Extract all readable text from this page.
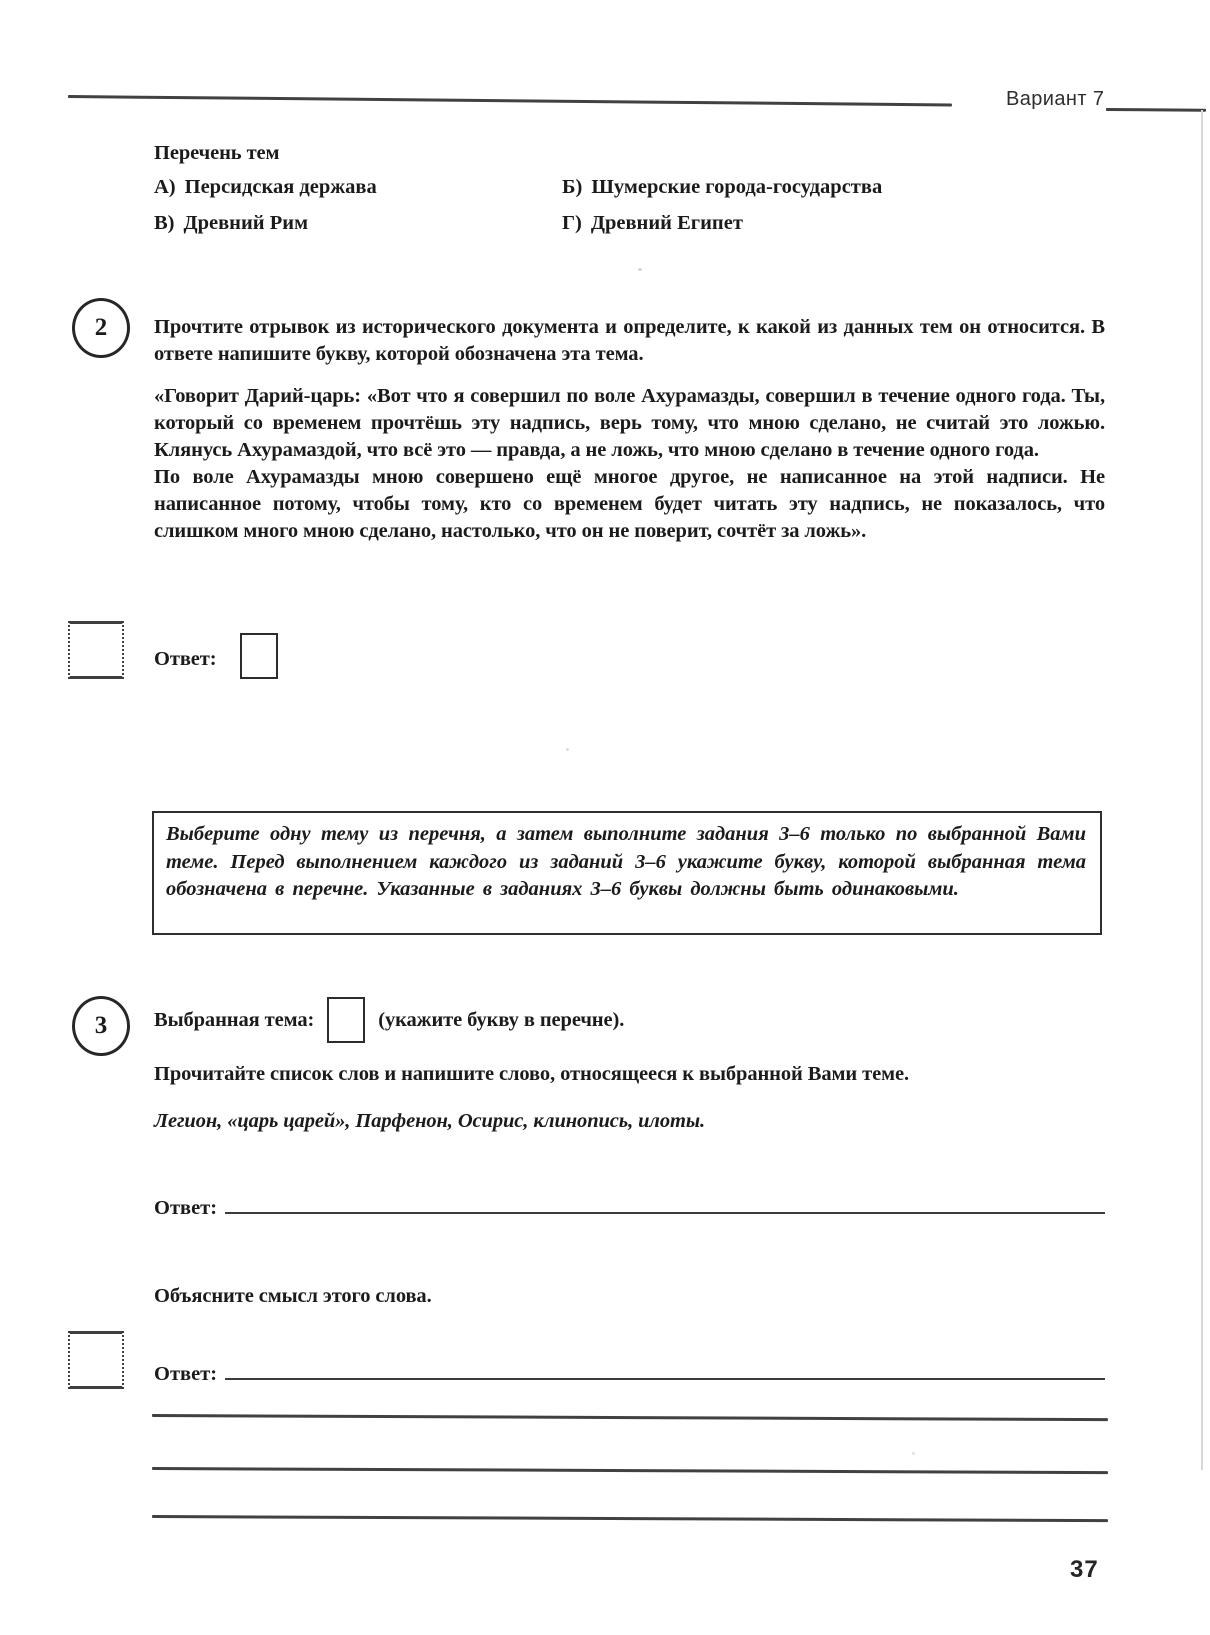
Вариант 7
Перечень тем
А) Персидская держава	Б) Шумерские города-государства
В) Древний Рим	Г) Древний Египет
2 Прочтите отрывок из исторического документа и определите, к какой из данных тем он относится. В ответе напишите букву, которой обозначена эта тема.

«Говорит Дарий-царь: «Вот что я совершил по воле Ахурамазды, совершил в течение одного года. Ты, который со временем прочтёшь эту надпись, верь тому, что мною сделано, не считай это ложью. Клянусь Ахурамаздой, что всё это — правда, а не ложь, что мною сделано в течение одного года.

По воле Ахурамазды мною совершено ещё многое другое, не написанное на этой надписи. Не написанное потому, чтобы тому, кто со временем будет читать эту надпись, не показалось, что слишком много мною сделано, настолько, что он не поверит, сочтёт за ложь».

Ответ:
Выберите одну тему из перечня, а затем выполните задания 3–6 только по выбранной Вами теме. Перед выполнением каждого из заданий 3–6 укажите букву, которой выбранная тема обозначена в перечне. Указанные в заданиях 3–6 буквы должны быть одинаковыми.
3 Выбранная тема:	(укажите букву в перечне).
Прочитайте список слов и напишите слово, относящееся к выбранной Вами теме.
Легион, «царь царей», Парфенон, Осирис, клинопись, илоты.
Ответ:
Объясните смысл этого слова.
Ответ:
37
